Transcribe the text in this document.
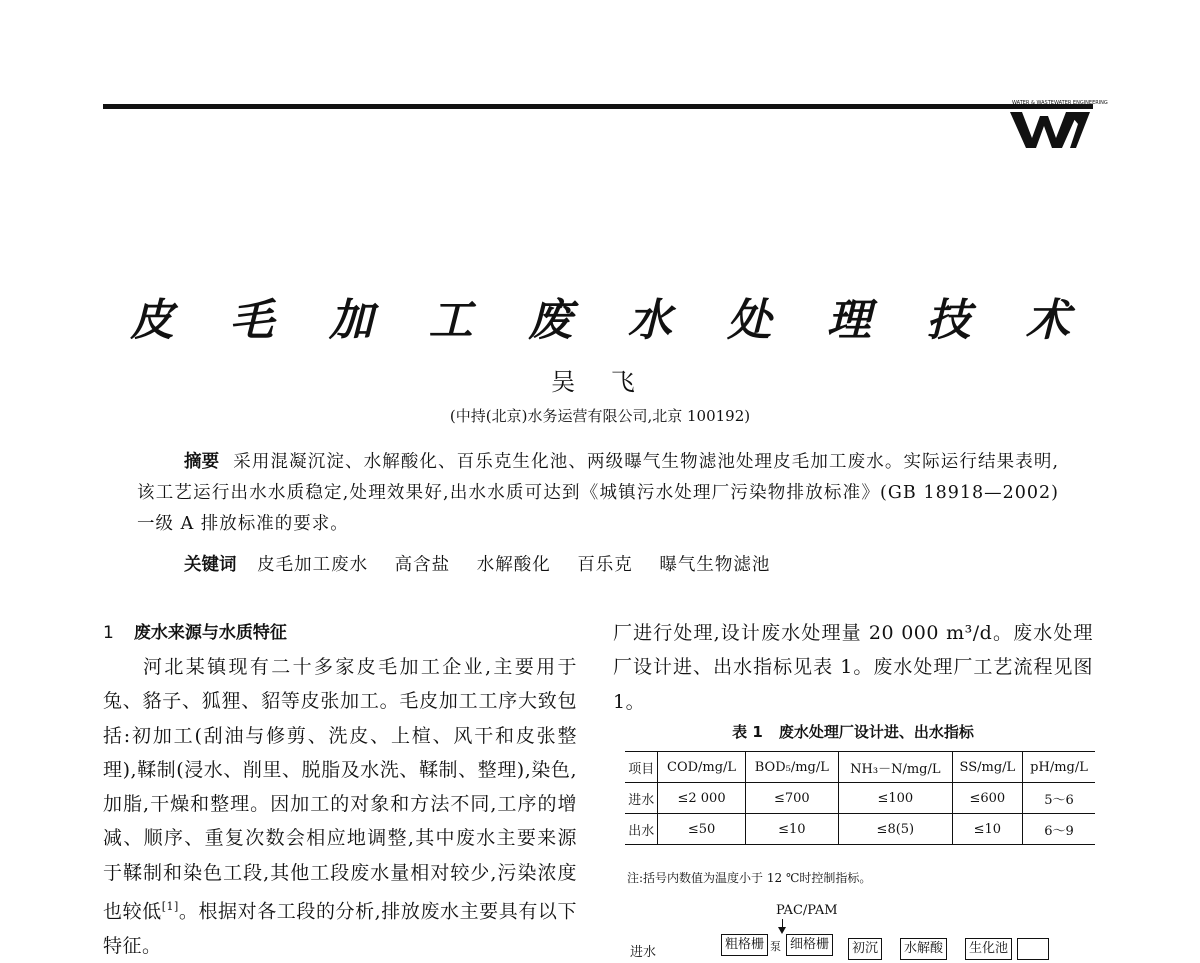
WATER & WASTEWATER ENGINEERING
皮 毛 加 工 废 水 处 理 技 术
吴 飞
(中持(北京)水务运营有限公司,北京 100192)
摘要 采用混凝沉淀、水解酸化、百乐克生化池、两级曝气生物滤池处理皮毛加工废水。实际运行结果表明,该工艺运行出水水质稳定,处理效果好,出水水质可达到《城镇污水处理厂污染物排放标准》(GB 18918—2002)一级 A 排放标准的要求。
关键词 皮毛加工废水 高含盐 水解酸化 百乐克 曝气生物滤池
1 废水来源与水质特征
河北某镇现有二十多家皮毛加工企业,主要用于兔、貉子、狐狸、貂等皮张加工。毛皮加工工序大致包括:初加工(刮油与修剪、洗皮、上楦、风干和皮张整理),鞣制(浸水、削里、脱脂及水洗、鞣制、整理),染色,加脂,干燥和整理。因加工的对象和方法不同,工序的增减、顺序、重复次数会相应地调整,其中废水主要来源于鞣制和染色工段,其他工段废水量相对较少,污染浓度也较低[1]。根据对各工段的分析,排放废水主要具有以下特征。
厂进行处理,设计废水处理量 20 000 m³/d。废水处理厂设计进、出水指标见表 1。废水处理厂工艺流程见图 1。
表 1 废水处理厂设计进、出水指标
项目	COD/mg/L	BOD₅/mg/L	NH₃－N/mg/L	SS/mg/L	pH/mg/L
进水	≤2 000	≤700	≤100	≤600	5～6
出水	≤50	≤10	≤8(5)	≤10	6～9
注:括号内数值为温度小于 12 ℃时控制指标。
PAC/PAM
进水
粗格栅 泵 细格栅	初沉	水解酸	生化池
